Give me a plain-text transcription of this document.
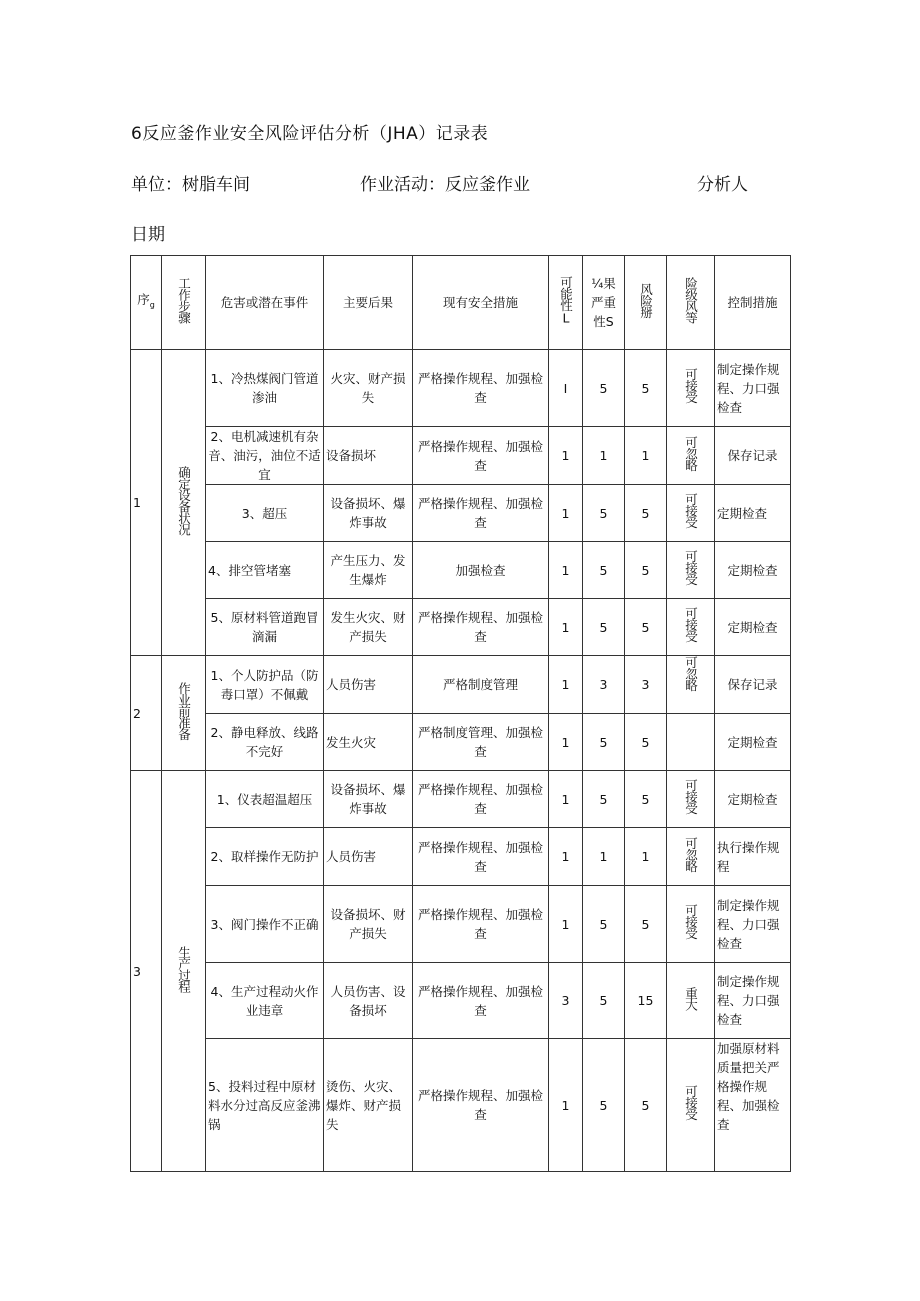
6反应釜作业安全风险评估分析（JHA）记录表
单位：树脂车间	作业活动：反应釜作业	分析人
日期
序$_g$	工作步骤	危害或潜在事件	主要后果	现有安全措施	可能性L	¼果严重性S	风险掰	险级风等	控制措施
1	确定设备状况	1、冷热煤阀门管道渗油	火灾、财产损失	严格操作规程、加强检查	I	5	5	可接受	制定操作规程、力口强检查
		2、电机减速机有杂音、油污，油位不适宜	设备损坏	严格操作规程、加强检查	1	1	1	可忽略	保存记录
		3、超压	设备损坏、爆炸事故	严格操作规程、加强检查	1	5	5	可接受	定期检查
		4、排空管堵塞	产生压力、发生爆炸	加强检查	1	5	5	可接受	定期检查
		5、原材料管道跑冒滴漏	发生火灾、财产损失	严格操作规程、加强检查	1	5	5	可接受	定期检查
2	作业前准备	1、个人防护品（防毒口罩）不佩戴	人员伤害	严格制度管理	1	3	3	可忽略	保存记录
		2、静电释放、线路不完好	发生火灾	严格制度管理、加强检查	1	5	5		定期检查
3	生产过程	1、仪表超温超压	设备损坏、爆炸事故	严格操作规程、加强检查	1	5	5	可接受	定期检查
		2、取样操作无防护	人员伤害	严格操作规程、加强检查	1	1	1	可忽略	执行操作规程
		3、阀门操作不正确	设备损坏、财产损失	严格操作规程、加强检查	1	5	5	可接受	制定操作规程、力口强检查
		4、生产过程动火作业违章	人员伤害、设备损坏	严格操作规程、加强检查	3	5	15	重大	制定操作规程、力口强检查
		5、投料过程中原材料水分过高反应釜沸锅	烫伤、火灾、爆炸、财产损失	严格操作规程、加强检查	1	5	5	可接受	加强原材料质量把关严格操作规程、加强检查
